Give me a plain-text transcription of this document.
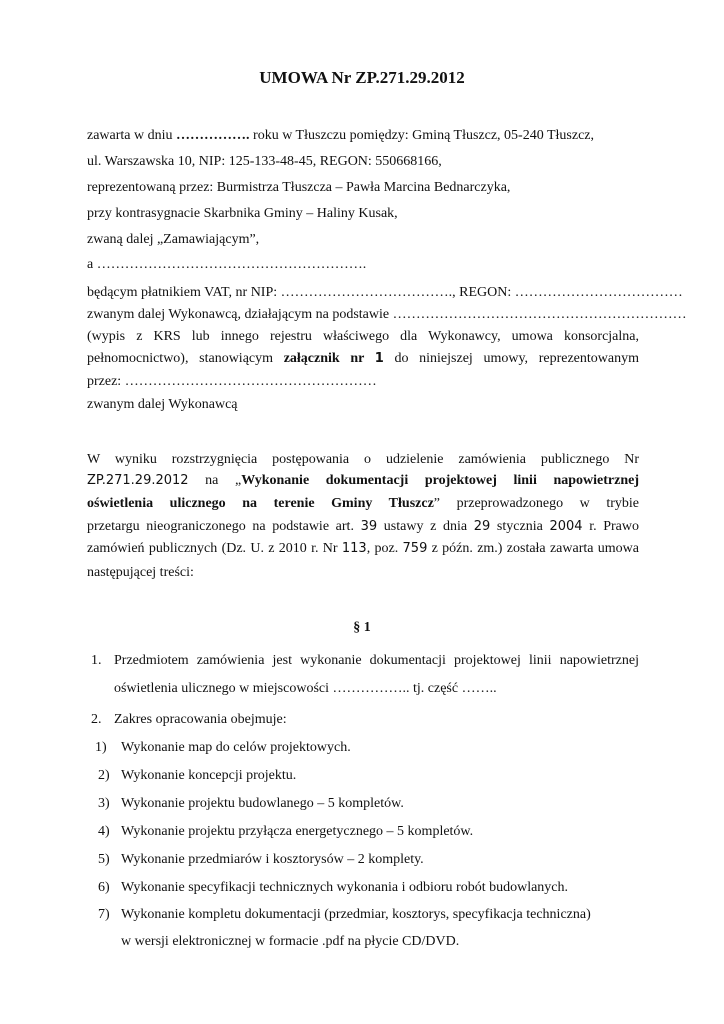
UMOWA Nr ZP.271.29.2012
zawarta w dniu ……………. roku w Tłuszczu pomiędzy: Gminą Tłuszcz, 05-240 Tłuszcz,
ul. Warszawska 10, NIP: 125-133-48-45, REGON: 550668166,
reprezentowaną przez: Burmistrza Tłuszcza – Pawła Marcina Bednarczyka,
przy kontrasygnacie Skarbnika Gminy – Haliny Kusak,
zwaną dalej „Zamawiającym”,
a ………………………………………………….
będącym płatnikiem VAT, nr NIP: ………………………………., REGON: ………………………………
zwanym dalej Wykonawcą, działającym na podstawie ………………………………………………………
(wypis z KRS lub innego rejestru właściwego dla Wykonawcy, umowa konsorcjalna,
pełnomocnictwo), stanowiącym załącznik nr 1 do niniejszej umowy, reprezentowanym
przez: ………………………………………………
zwanym dalej Wykonawcą
W wyniku rozstrzygnięcia postępowania o udzielenie zamówienia publicznego Nr
ZP.271.29.2012 na „Wykonanie dokumentacji projektowej linii napowietrznej
oświetlenia ulicznego na terenie Gminy Tłuszcz” przeprowadzonego w trybie
przetargu nieograniczonego na podstawie art. 39 ustawy z dnia 29 stycznia 2004 r. Prawo
zamówień publicznych (Dz. U. z 2010 r. Nr 113, poz. 759 z późn. zm.) została zawarta umowa
następującej treści:
§ 1
1. Przedmiotem zamówienia jest wykonanie dokumentacji projektowej linii napowietrznej
oświetlenia ulicznego w miejscowości …………….. tj. część ……..
2. Zakres opracowania obejmuje:
1) Wykonanie map do celów projektowych.
2) Wykonanie koncepcji projektu.
3) Wykonanie projektu budowlanego – 5 kompletów.
4) Wykonanie projektu przyłącza energetycznego – 5 kompletów.
5) Wykonanie przedmiarów i kosztorysów – 2 komplety.
6) Wykonanie specyfikacji technicznych wykonania i odbioru robót budowlanych.
7) Wykonanie kompletu dokumentacji (przedmiar, kosztorys, specyfikacja techniczna)
w wersji elektronicznej w formacie .pdf na płycie CD/DVD.
